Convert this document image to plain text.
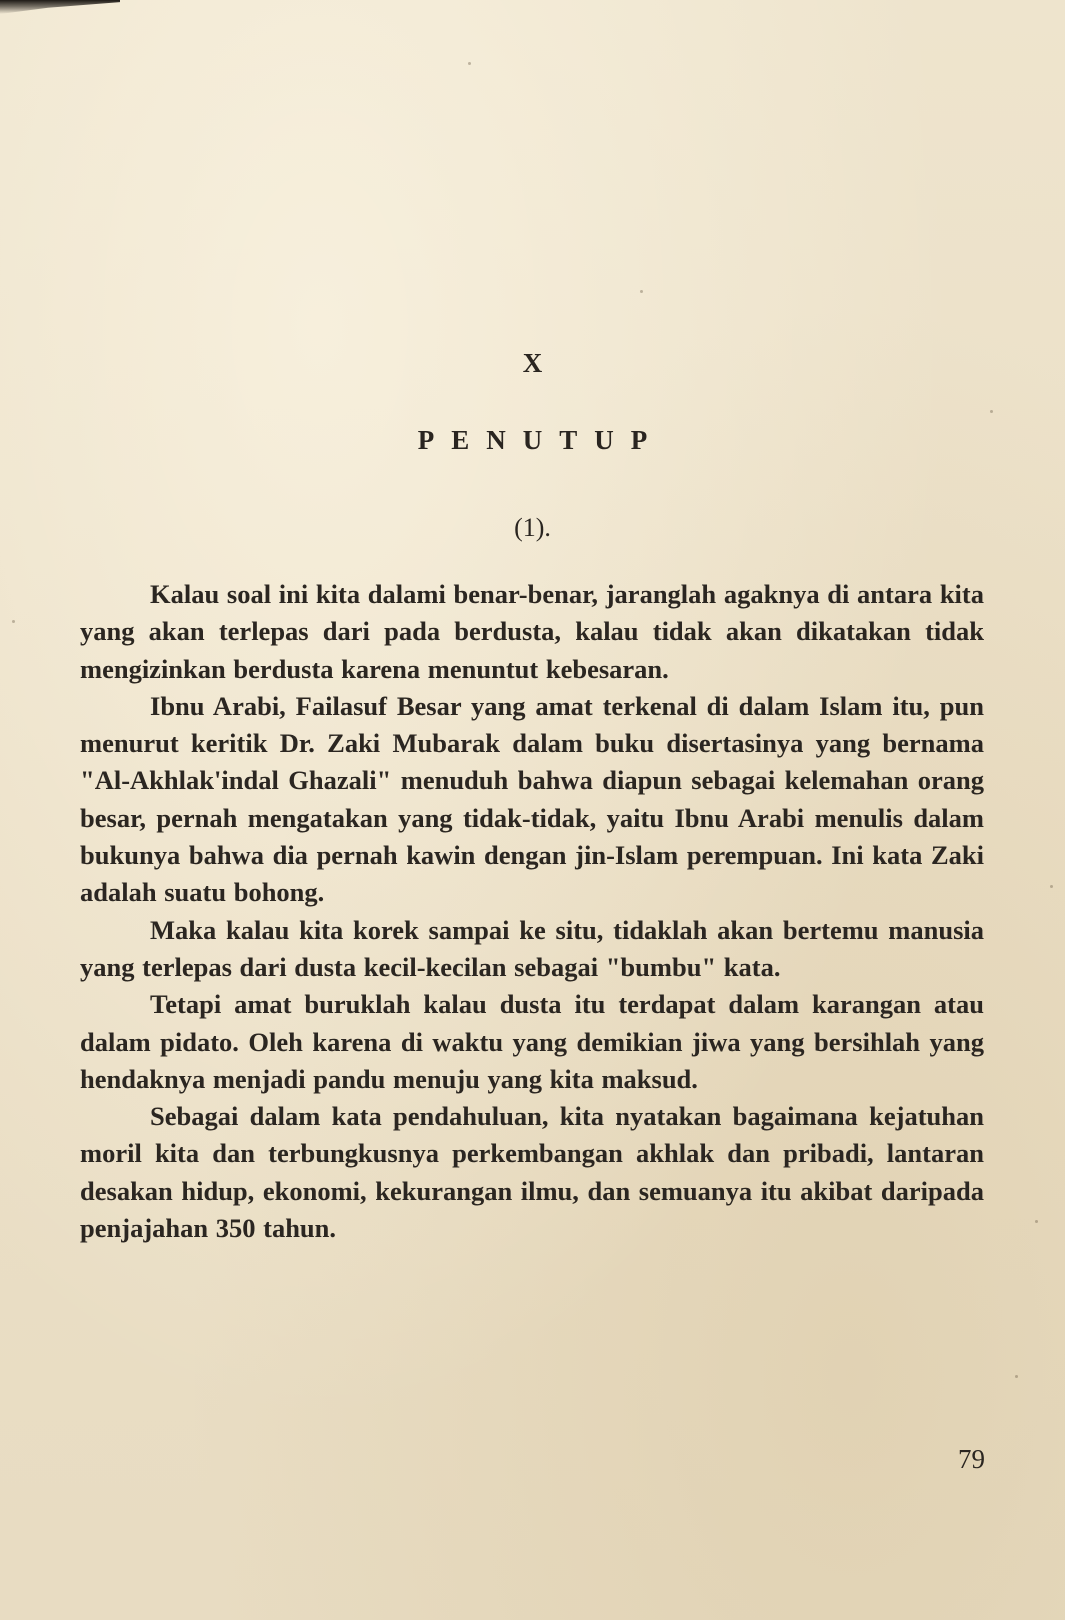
X
PENUTUP
(1).

Kalau soal ini kita dalami benar-benar, jaranglah agaknya di antara kita yang akan terlepas dari pada berdusta, kalau tidak akan dikatakan tidak mengizinkan berdusta karena menuntut kebesaran.

Ibnu Arabi, Failasuf Besar yang amat terkenal di dalam Islam itu, pun menurut keritik Dr. Zaki Mubarak dalam buku disertasinya yang bernama "Al-Akhlak'indal Ghazali" menuduh bahwa diapun sebagai kelemahan orang besar, pernah mengatakan yang tidak-tidak, yaitu Ibnu Arabi menulis dalam bukunya bahwa dia pernah kawin dengan jin-Islam perempuan. Ini kata Zaki adalah suatu bohong.

Maka kalau kita korek sampai ke situ, tidaklah akan bertemu manusia yang terlepas dari dusta kecil-kecilan sebagai "bumbu" kata.

Tetapi amat buruklah kalau dusta itu terdapat dalam karangan atau dalam pidato. Oleh karena di waktu yang demikian jiwa yang bersihlah yang hendaknya menjadi pandu menuju yang kita maksud.

Sebagai dalam kata pendahuluan, kita nyatakan bagaimana kejatuhan moril kita dan terbungkusnya perkembangan akhlak dan pribadi, lantaran desakan hidup, ekonomi, kekurangan ilmu, dan semuanya itu akibat daripada penjajahan 350 tahun.

79
